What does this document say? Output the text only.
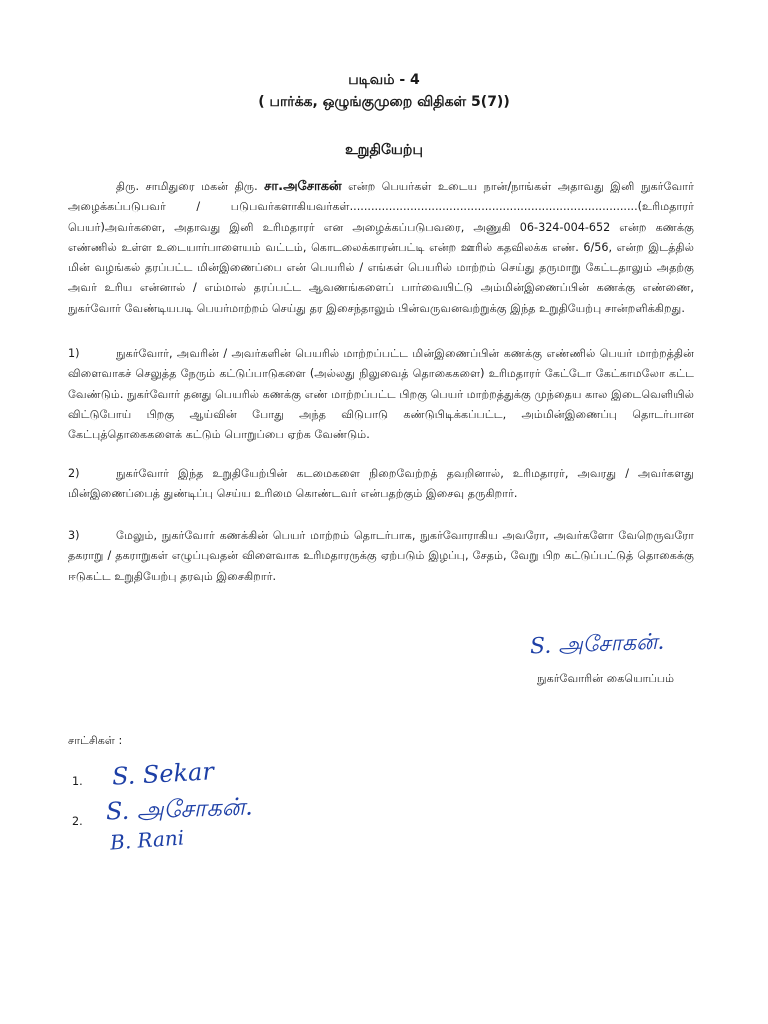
படிவம் - 4
( பார்க்க, ஒழுங்குமுறை விதிகள் 5(7))
உறுதியேற்பு

திரு. சாமிதுரை மகன் திரு. சா.அசோகன் என்ற பெயர்கள் உடைய நான்/நாங்கள் அதாவது இனி நுகர்வோர் அழைக்கப்படுபவர் / படுபவர்களாகியவர்கள்.................................................................................(உரிமதாரர் பெயர்)அவர்களை, அதாவது இனி உரிமதாரர் என அழைக்கப்படுபவரை, அணுகி 06-324-004-652 என்ற கணக்கு எண்ணில் உள்ள உடையார்பாளையம் வட்டம், கொடலைக்காரன்பட்டி என்ற ஊரில் கதவிலக்க எண். 6/56, என்ற இடத்தில் மின் வழங்கல் தரப்பட்ட மின்இணைப்பை என் பெயரில் / எங்கள் பெயரில் மாற்றம் செய்து தருமாறு கேட்டதாலும் அதற்கு அவர் உரிய என்னால் / எம்மால் தரப்பட்ட ஆவணங்களைப் பார்வையிட்டு அம்மின்இணைப்பின் கணக்கு எண்ணை, நுகர்வோர் வேண்டியபடி பெயர்மாற்றம் செய்து தர இசைந்தாலும் பின்வருவனவற்றுக்கு இந்த உறுதியேற்பு சான்றளிக்கிறது.

1)	நுகர்வோர், அவரின் / அவர்களின் பெயரில் மாற்றப்பட்ட மின்இணைப்பின் கணக்கு எண்ணில் பெயர் மாற்றத்தின் விளைவாகச் செலுத்த நேரும் கட்டுப்பாடுகளை (அல்லது நிலுவைத் தொகைகளை) உரிமதாரர் கேட்டோ கேட்காமலோ கட்ட வேண்டும். நுகர்வோர் தனது பெயரில் கணக்கு எண் மாற்றப்பட்ட பிறகு பெயர் மாற்றத்துக்கு முந்தைய கால இடைவெளியில் விட்டுபோய் பிறகு ஆய்வின் போது அந்த விடுபாடு கண்டுபிடிக்கப்பட்ட, அம்மின்இணைப்பு தொடர்பான கேட்புத்தொகைகளைக் கட்டும் பொறுப்பை ஏற்க வேண்டும்.

2)	நுகர்வோர் இந்த உறுதியேற்பின் கடமைகளை நிறைவேற்றத் தவறினால், உரிமதாரர், அவரது / அவர்களது மின்இணைப்பைத் துண்டிப்பு செய்ய உரிமை கொண்டவர் என்பதற்கும் இசைவு தருகிறார்.

3)	மேலும், நுகர்வோர் கணக்கின் பெயர் மாற்றம் தொடர்பாக, நுகர்வோராகிய அவரோ, அவர்களோ வேறெருவரோ தகராறு / தகராறுகள் எழுப்புவதன் விளைவாக உரிமதாரருக்கு ஏற்படும் இழப்பு, சேதம், வேறு பிற கட்டுப்பட்டுத் தொகைக்கு ஈடுகட்ட உறுதியேற்பு தரவும் இசைகிறார்.

S. அசோகன்.
நுகர்வோரின் கையொப்பம்
சாட்சிகள் :
1.
2.
S. Sekar
S. அசோகன்.
B. Rani
